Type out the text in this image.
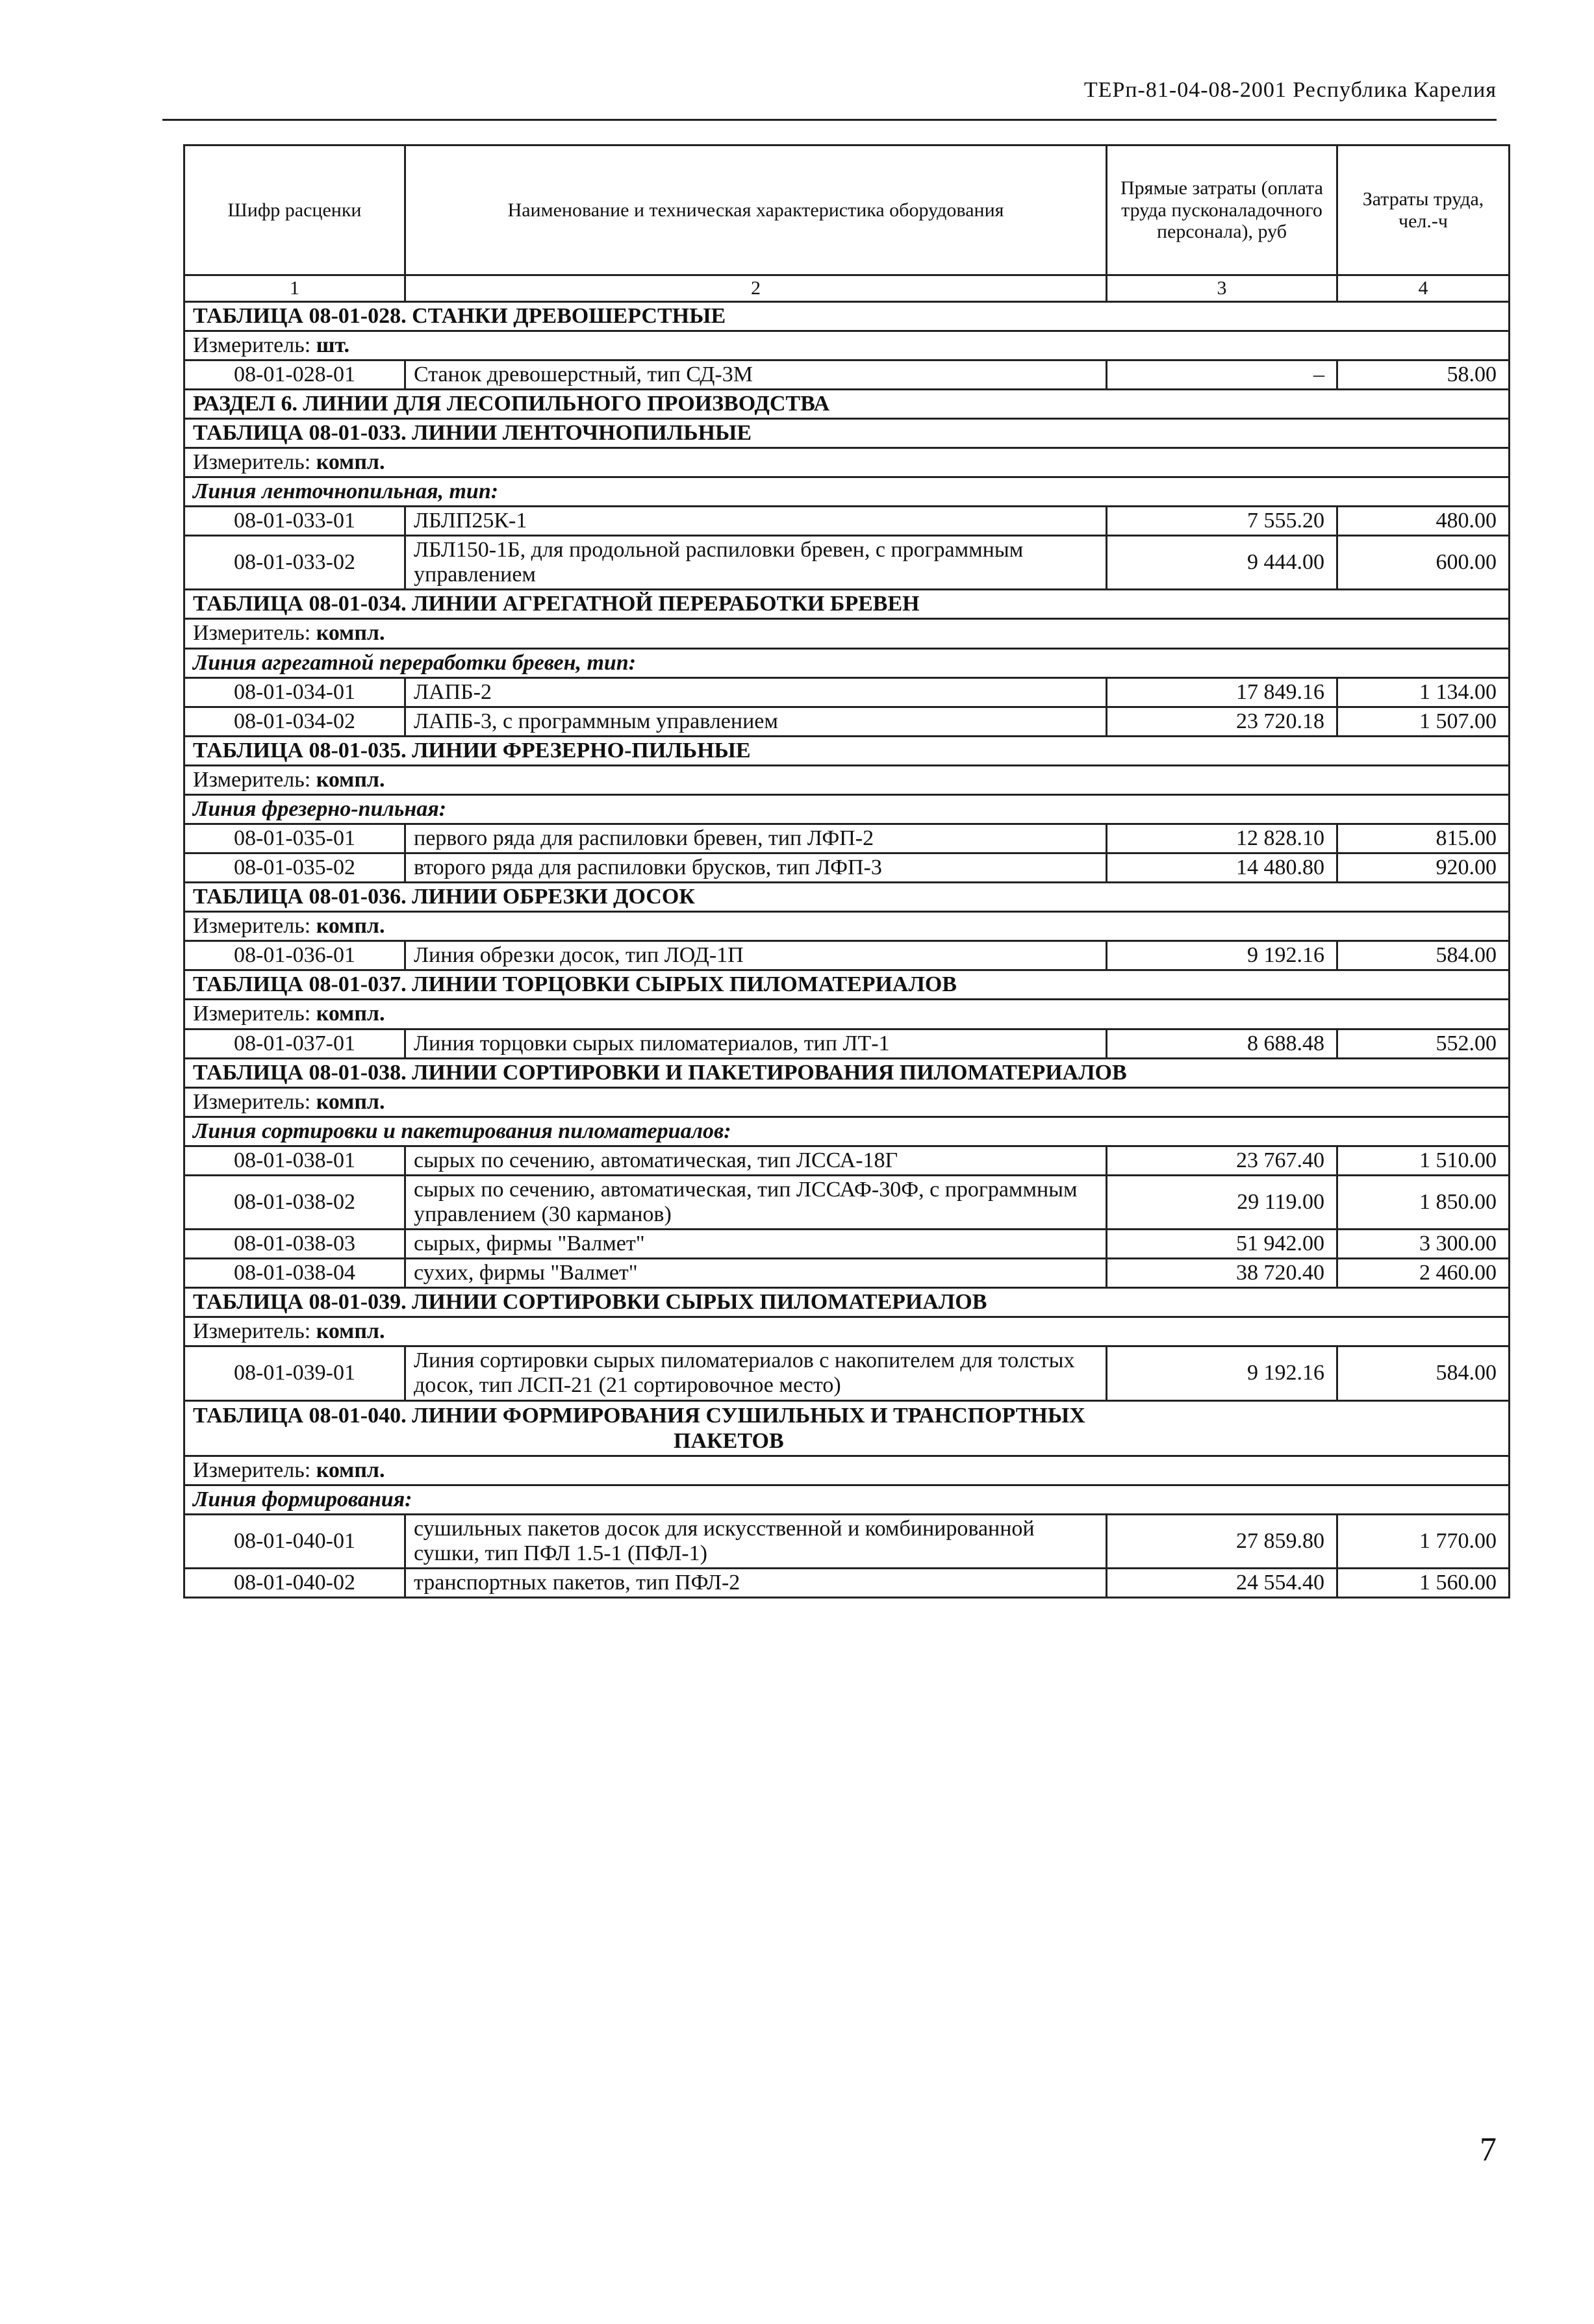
ТЕРп-81-04-08-2001 Республика Карелия
Шифр расценки	Наименование и техническая характеристика оборудования	Прямые затраты (оплата труда пусконаладочного персонала), руб	Затраты труда, чел.-ч
1	2	3	4
ТАБЛИЦА 08-01-028. СТАНКИ ДРЕВОШЕРСТНЫЕ			
Измеритель: шт.			
08-01-028-01	Станок древошерстный, тип СД-3М	–	58.00
РАЗДЕЛ 6. ЛИНИИ ДЛЯ ЛЕСОПИЛЬНОГО ПРОИЗВОДСТВА			
ТАБЛИЦА 08-01-033. ЛИНИИ ЛЕНТОЧНОПИЛЬНЫЕ			
Измеритель: компл.			
Линия ленточнопильная, тип:			
08-01-033-01	ЛБЛП25К-1	7 555.20	480.00
08-01-033-02	ЛБЛ150-1Б, для продольной распиловки бревен, с программным управлением	9 444.00	600.00
ТАБЛИЦА 08-01-034. ЛИНИИ АГРЕГАТНОЙ ПЕРЕРАБОТКИ БРЕВЕН			
Измеритель: компл.			
Линия агрегатной переработки бревен, тип:			
08-01-034-01	ЛАПБ-2	17 849.16	1 134.00
08-01-034-02	ЛАПБ-3, с программным управлением	23 720.18	1 507.00
ТАБЛИЦА 08-01-035. ЛИНИИ ФРЕЗЕРНО-ПИЛЬНЫЕ			
Измеритель: компл.			
Линия фрезерно-пильная:			
08-01-035-01	первого ряда для распиловки бревен, тип ЛФП-2	12 828.10	815.00
08-01-035-02	второго ряда для распиловки брусков, тип ЛФП-3	14 480.80	920.00
ТАБЛИЦА 08-01-036. ЛИНИИ ОБРЕЗКИ ДОСОК			
Измеритель: компл.			
08-01-036-01	Линия обрезки досок, тип ЛОД-1П	9 192.16	584.00
ТАБЛИЦА 08-01-037. ЛИНИИ ТОРЦОВКИ СЫРЫХ ПИЛОМАТЕРИАЛОВ			
Измеритель: компл.			
08-01-037-01	Линия торцовки сырых пиломатериалов, тип ЛТ-1	8 688.48	552.00
ТАБЛИЦА 08-01-038. ЛИНИИ СОРТИРОВКИ И ПАКЕТИРОВАНИЯ ПИЛОМАТЕРИАЛОВ			
Измеритель: компл.			
Линия сортировки и пакетирования пиломатериалов:			
08-01-038-01	сырых по сечению, автоматическая, тип ЛССА-18Г	23 767.40	1 510.00
08-01-038-02	сырых по сечению, автоматическая, тип ЛССАФ-30Ф, с программным управлением (30 карманов)	29 119.00	1 850.00
08-01-038-03	сырых, фирмы "Валмет"	51 942.00	3 300.00
08-01-038-04	сухих, фирмы "Валмет"	38 720.40	2 460.00
ТАБЛИЦА 08-01-039. ЛИНИИ СОРТИРОВКИ СЫРЫХ ПИЛОМАТЕРИАЛОВ			
Измеритель: компл.			
08-01-039-01	Линия сортировки сырых пиломатериалов с накопителем для толстых досок, тип ЛСП-21 (21 сортировочное место)	9 192.16	584.00
ТАБЛИЦА 08-01-040. ЛИНИИ ФОРМИРОВАНИЯ СУШИЛЬНЫХ И ТРАНСПОРТНЫХ
ПАКЕТОВ			

Измеритель: компл.			
Линия формирования:			
08-01-040-01	сушильных пакетов досок для искусственной и комбинированной сушки, тип ПФЛ 1.5-1 (ПФЛ-1)	27 859.80	1 770.00
08-01-040-02	транспортных пакетов, тип ПФЛ-2	24 554.40	1 560.00
7
